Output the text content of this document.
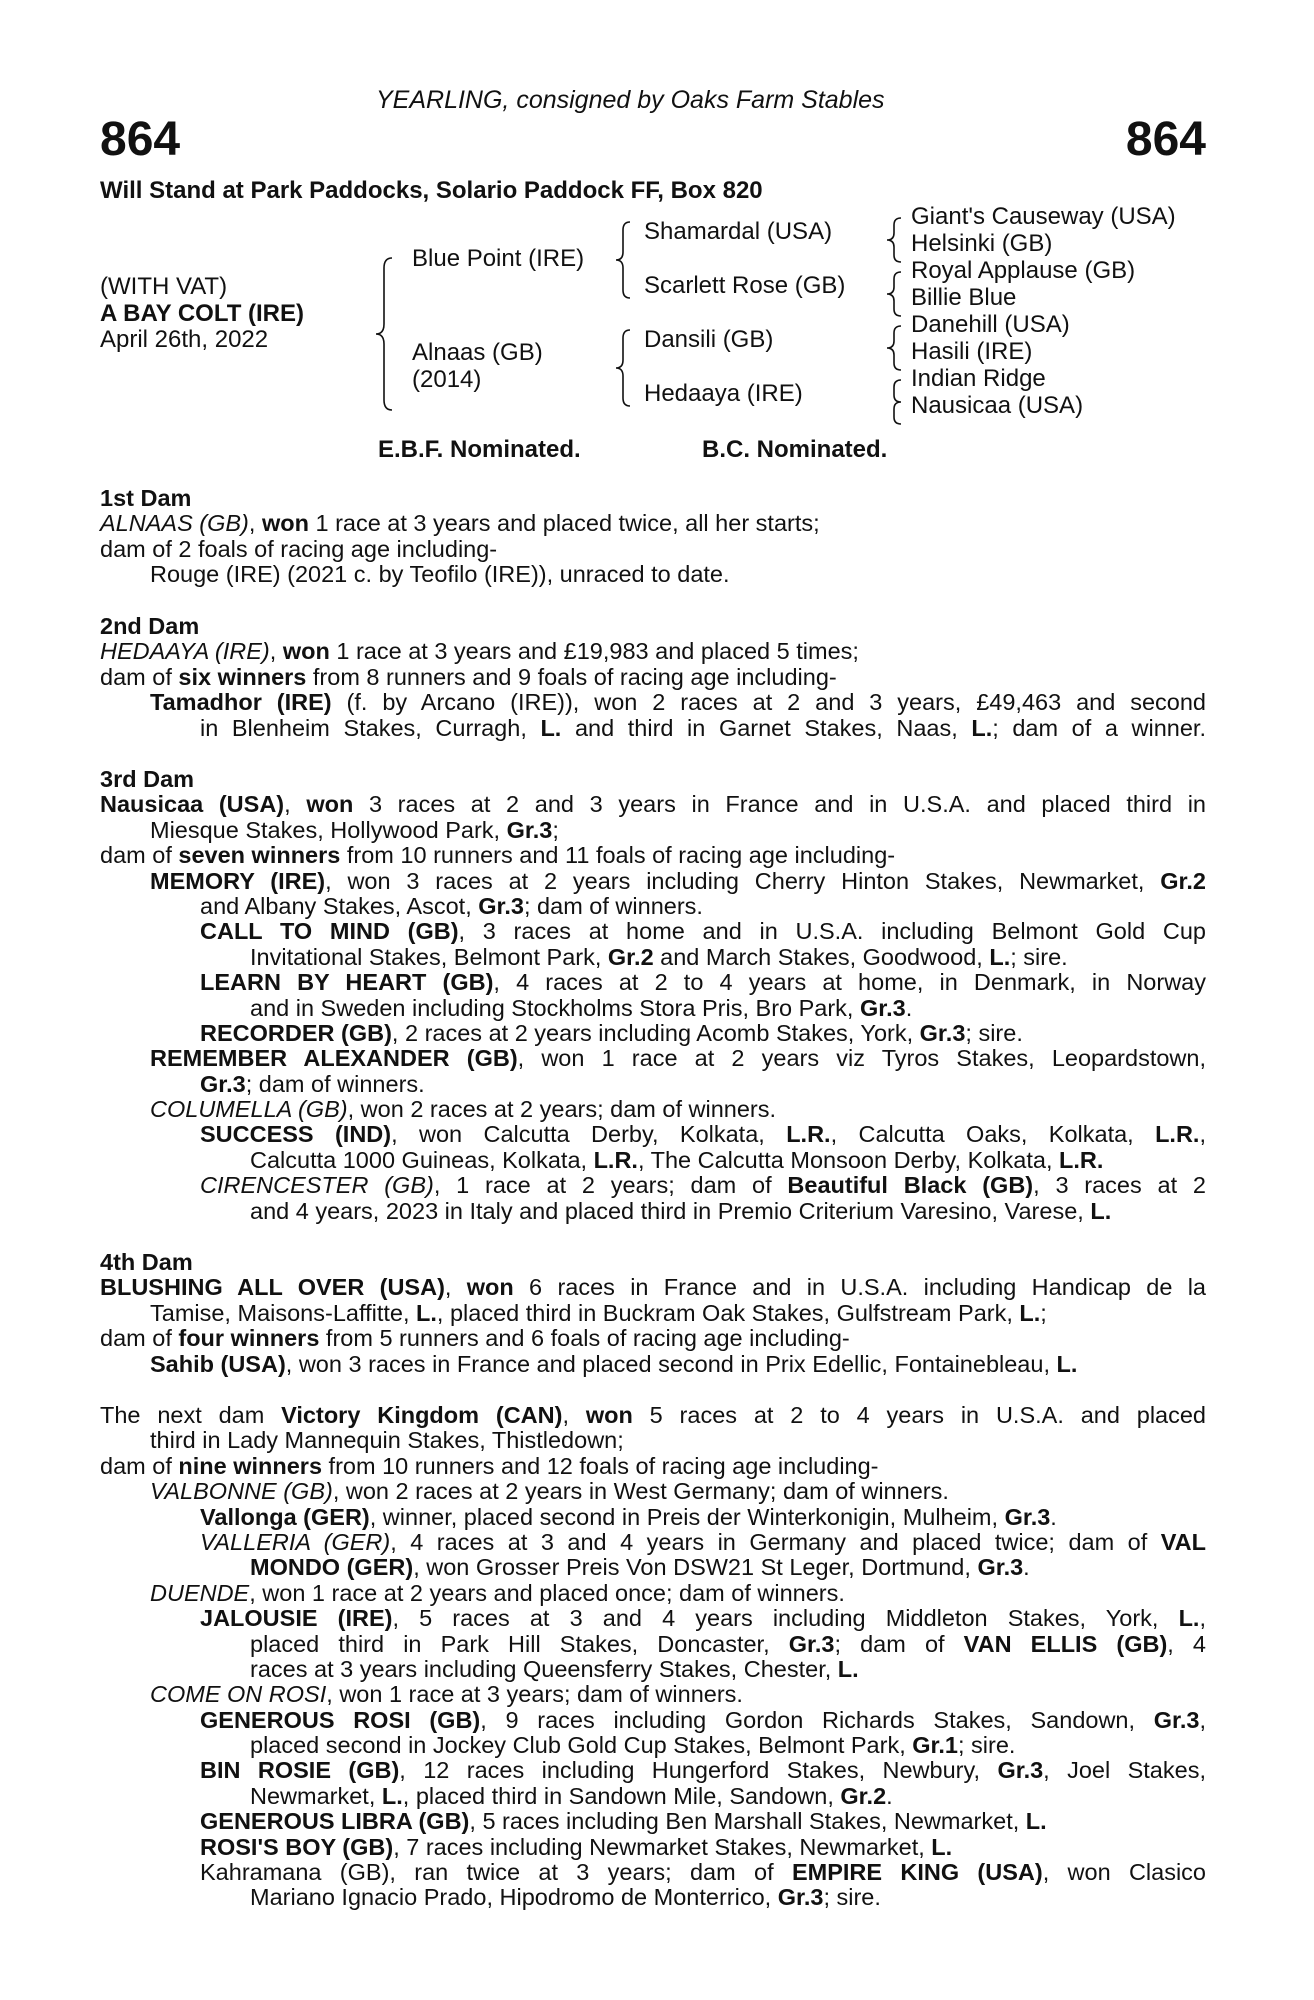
YEARLING, consigned by Oaks Farm Stables
864	864
Will Stand at Park Paddocks, Solario Paddock FF, Box 820
(WITH VAT)
A BAY COLT (IRE)
April 26th, 2022
Blue Point (IRE)
Alnaas (GB)
(2014)
Shamardal (USA)
Scarlett Rose (GB)
Dansili (GB)
Hedaaya (IRE)
Giant's Causeway (USA)
Helsinki (GB)
Royal Applause (GB)
Billie Blue
Danehill (USA)
Hasili (IRE)
Indian Ridge
Nausicaa (USA)
E.B.F. Nominated.	B.C. Nominated.
1st Dam
ALNAAS (GB), won 1 race at 3 years and placed twice, all her starts;
dam of 2 foals of racing age including-
Rouge (IRE) (2021 c. by Teofilo (IRE)), unraced to date.
2nd Dam
HEDAAYA (IRE), won 1 race at 3 years and £19,983 and placed 5 times;
dam of six winners from 8 runners and 9 foals of racing age including-
Tamadhor (IRE) (f. by Arcano (IRE)), won 2 races at 2 and 3 years, £49,463 and second
in Blenheim Stakes, Curragh, L. and third in Garnet Stakes, Naas, L.; dam of a winner.
3rd Dam
Nausicaa (USA), won 3 races at 2 and 3 years in France and in U.S.A. and placed third in
Miesque Stakes, Hollywood Park, Gr.3;
dam of seven winners from 10 runners and 11 foals of racing age including-
MEMORY (IRE), won 3 races at 2 years including Cherry Hinton Stakes, Newmarket, Gr.2
and Albany Stakes, Ascot, Gr.3; dam of winners.
CALL TO MIND (GB), 3 races at home and in U.S.A. including Belmont Gold Cup
Invitational Stakes, Belmont Park, Gr.2 and March Stakes, Goodwood, L.; sire.
LEARN BY HEART (GB), 4 races at 2 to 4 years at home, in Denmark, in Norway
and in Sweden including Stockholms Stora Pris, Bro Park, Gr.3.
RECORDER (GB), 2 races at 2 years including Acomb Stakes, York, Gr.3; sire.
REMEMBER ALEXANDER (GB), won 1 race at 2 years viz Tyros Stakes, Leopardstown,
Gr.3; dam of winners.
COLUMELLA (GB), won 2 races at 2 years; dam of winners.
SUCCESS (IND), won Calcutta Derby, Kolkata, L.R., Calcutta Oaks, Kolkata, L.R.,
Calcutta 1000 Guineas, Kolkata, L.R., The Calcutta Monsoon Derby, Kolkata, L.R.
CIRENCESTER (GB), 1 race at 2 years; dam of Beautiful Black (GB), 3 races at 2
and 4 years, 2023 in Italy and placed third in Premio Criterium Varesino, Varese, L.
4th Dam
BLUSHING ALL OVER (USA), won 6 races in France and in U.S.A. including Handicap de la
Tamise, Maisons-Laffitte, L., placed third in Buckram Oak Stakes, Gulfstream Park, L.;
dam of four winners from 5 runners and 6 foals of racing age including-
Sahib (USA), won 3 races in France and placed second in Prix Edellic, Fontainebleau, L.
The next dam Victory Kingdom (CAN), won 5 races at 2 to 4 years in U.S.A. and placed
third in Lady Mannequin Stakes, Thistledown;
dam of nine winners from 10 runners and 12 foals of racing age including-
VALBONNE (GB), won 2 races at 2 years in West Germany; dam of winners.
Vallonga (GER), winner, placed second in Preis der Winterkonigin, Mulheim, Gr.3.
VALLERIA (GER), 4 races at 3 and 4 years in Germany and placed twice; dam of VAL
MONDO (GER), won Grosser Preis Von DSW21 St Leger, Dortmund, Gr.3.
DUENDE, won 1 race at 2 years and placed once; dam of winners.
JALOUSIE (IRE), 5 races at 3 and 4 years including Middleton Stakes, York, L.,
placed third in Park Hill Stakes, Doncaster, Gr.3; dam of VAN ELLIS (GB), 4
races at 3 years including Queensferry Stakes, Chester, L.
COME ON ROSI, won 1 race at 3 years; dam of winners.
GENEROUS ROSI (GB), 9 races including Gordon Richards Stakes, Sandown, Gr.3,
placed second in Jockey Club Gold Cup Stakes, Belmont Park, Gr.1; sire.
BIN ROSIE (GB), 12 races including Hungerford Stakes, Newbury, Gr.3, Joel Stakes,
Newmarket, L., placed third in Sandown Mile, Sandown, Gr.2.
GENEROUS LIBRA (GB), 5 races including Ben Marshall Stakes, Newmarket, L.
ROSI'S BOY (GB), 7 races including Newmarket Stakes, Newmarket, L.
Kahramana (GB), ran twice at 3 years; dam of EMPIRE KING (USA), won Clasico
Mariano Ignacio Prado, Hipodromo de Monterrico, Gr.3; sire.
